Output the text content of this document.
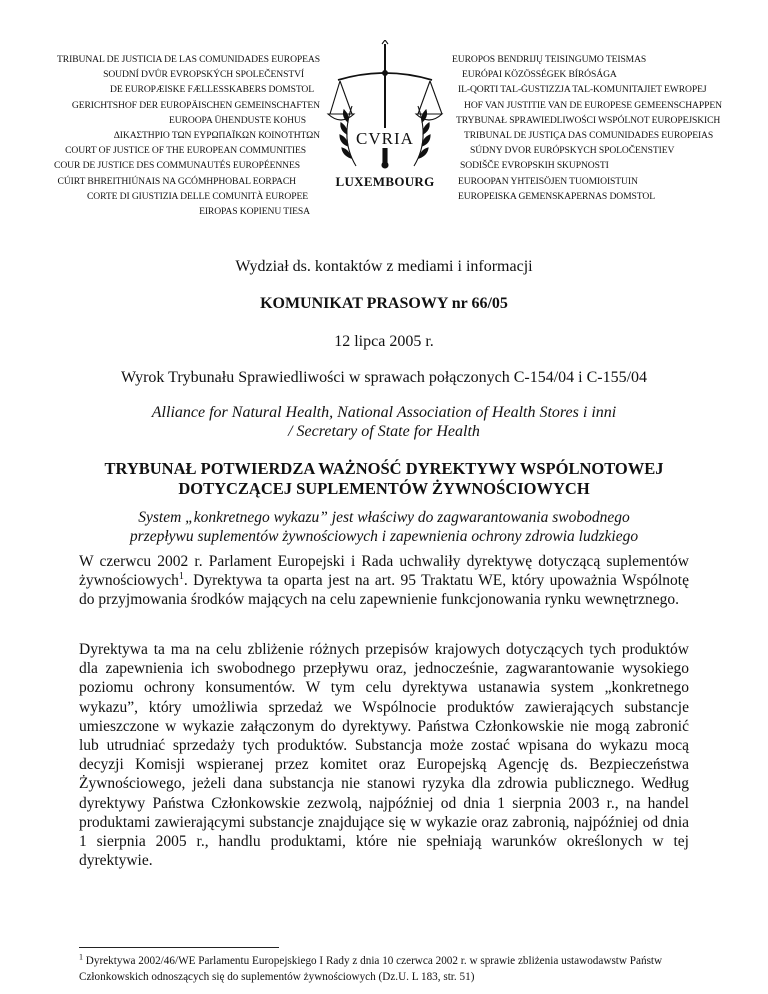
TRIBUNAL DE JUSTICIA DE LAS COMUNIDADES EUROPEAS
SOUDNÍ DVŮR EVROPSKÝCH SPOLEČENSTVÍ
DE EUROPÆISKE FÆLLESSKABERS DOMSTOL
GERICHTSHOF DER EUROPÄISCHEN GEMEINSCHAFTEN
EUROOPA ÜHENDUSTE KOHUS
ΔΙΚΑΣΤΗΡΙΟ ΤΩΝ ΕΥΡΩΠΑΪΚΩΝ ΚΟΙΝΟΤΗΤΩΝ
COURT OF JUSTICE OF THE EUROPEAN COMMUNITIES
COUR DE JUSTICE DES COMMUNAUTÉS EUROPÉENNES
CÚIRT BHREITHIÚNAIS NA GCÓMHPHOBAL EORPACH
CORTE DI GIUSTIZIA DELLE COMUNITÀ EUROPEE
EIROPAS KOPIENU TIESA
CVRIA
LUXEMBOURG
EUROPOS BENDRIJŲ TEISINGUMO TEISMAS
EURÓPAI KÖZÖSSÉGEK BÍRÓSÁGA
IL-QORTI TAL-ĠUSTIZZJA TAL-KOMUNITAJIET EWROPEJ
HOF VAN JUSTITIE VAN DE EUROPESE GEMEENSCHAPPEN
TRYBUNAŁ SPRAWIEDLIWOŚCI WSPÓLNOT EUROPEJSKICH
TRIBUNAL DE JUSTIÇA DAS COMUNIDADES EUROPEIAS
SÚDNY DVOR EURÓPSKYCH SPOLOČENSTIEV
SODIŠČE EVROPSKIH SKUPNOSTI
EUROOPAN YHTEISÖJEN TUOMIOISTUIN
EUROPEISKA GEMENSKAPERNAS DOMSTOL
Wydział ds. kontaktów z mediami i informacji
KOMUNIKAT PRASOWY nr 66/05
12 lipca 2005 r.
Wyrok Trybunału Sprawiedliwości w sprawach połączonych C-154/04 i C-155/04
Alliance for Natural Health, National Association of Health Stores i inni / Secretary of State for Health
TRYBUNAŁ POTWIERDZA WAŻNOŚĆ DYREKTYWY WSPÓLNOTOWEJ DOTYCZĄCEJ SUPLEMENTÓW ŻYWNOŚCIOWYCH
System „konkretnego wykazu” jest właściwy do zagwarantowania swobodnego przepływu suplementów żywnościowych i zapewnienia ochrony zdrowia ludzkiego
W czerwcu 2002 r. Parlament Europejski i Rada uchwaliły dyrektywę dotyczącą suplementów żywnościowych$^1$. Dyrektywa ta oparta jest na art. 95 Traktatu WE, który upoważnia Wspólnotę do przyjmowania środków mających na celu zapewnienie funkcjonowania rynku wewnętrznego.
Dyrektywa ta ma na celu zbliżenie różnych przepisów krajowych dotyczących tych produktów dla zapewnienia ich swobodnego przepływu oraz, jednocześnie, zagwarantowanie wysokiego poziomu ochrony konsumentów. W tym celu dyrektywa ustanawia system „konkretnego wykazu”, który umożliwia sprzedaż we Wspólnocie produktów zawierających substancje umieszczone w wykazie załączonym do dyrektywy. Państwa Członkowskie nie mogą zabronić lub utrudniać sprzedaży tych produktów. Substancja może zostać wpisana do wykazu mocą decyzji Komisji wspieranej przez komitet oraz Europejską Agencję ds. Bezpieczeństwa Żywnościowego, jeżeli dana substancja nie stanowi ryzyka dla zdrowia publicznego. Według dyrektywy Państwa Członkowskie zezwolą, najpóźniej od dnia 1 sierpnia 2003 r., na handel produktami zawierającymi substancje znajdujące się w wykazie oraz zabronią, najpóźniej od dnia 1 sierpnia 2005 r., handlu produktami, które nie spełniają warunków określonych w tej dyrektywie.
$^1$ Dyrektywa 2002/46/WE Parlamentu Europejskiego I Rady z dnia 10 czerwca 2002 r. w sprawie zbliżenia ustawodawstw Państw Członkowskich odnoszących się do suplementów żywnościowych (Dz.U. L 183, str. 51)
